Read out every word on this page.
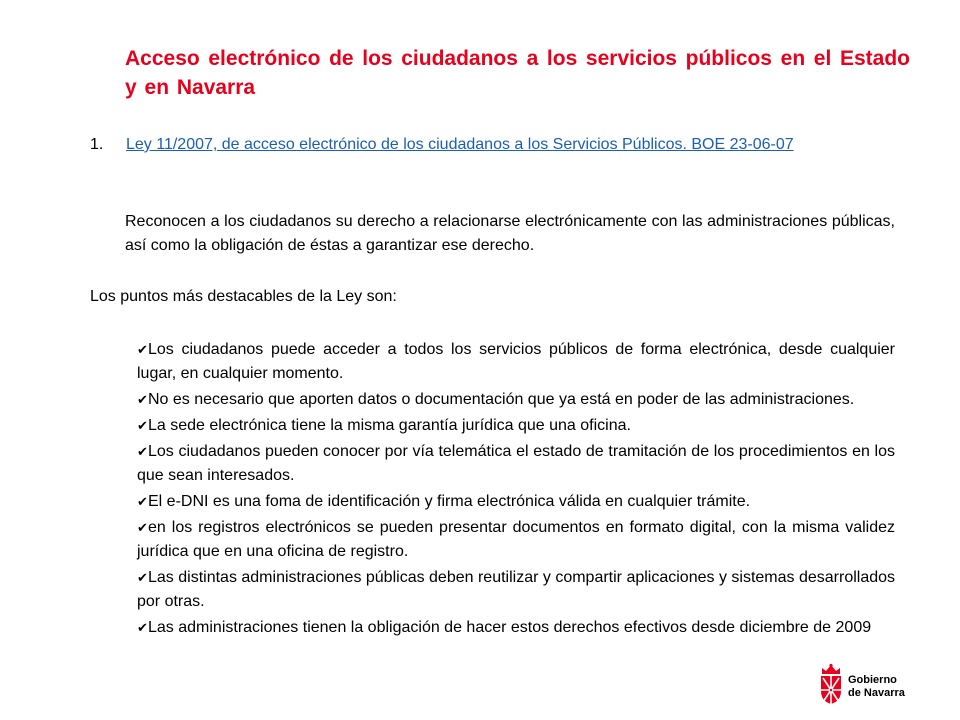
Acceso electrónico de los ciudadanos a los servicios públicos en el Estado y en Navarra
1. Ley 11/2007, de acceso electrónico de los ciudadanos a los Servicios Públicos. BOE 23-06-07
Reconocen a los ciudadanos su derecho a relacionarse electrónicamente con las administraciones públicas, así como la obligación de éstas a garantizar ese derecho.
Los puntos más destacables de la Ley son:
✔Los ciudadanos puede acceder a todos los servicios públicos de forma electrónica, desde cualquier lugar, en cualquier momento.
✔No es necesario que aporten datos o documentación que ya está en poder de las administraciones.
✔La sede electrónica tiene la misma garantía jurídica que una oficina.
✔Los ciudadanos pueden conocer por vía telemática el estado de tramitación de los procedimientos en los que sean interesados.
✔El e-DNI es una foma de identificación y firma electrónica válida en cualquier trámite.
✔en los registros electrónicos se pueden presentar documentos en formato digital, con la misma validez jurídica que en una oficina de registro.
✔Las distintas administraciones públicas deben reutilizar y compartir aplicaciones y sistemas desarrollados por otras.
✔Las administraciones tienen la obligación de hacer estos derechos efectivos desde diciembre de 2009
Gobierno
de Navarra
